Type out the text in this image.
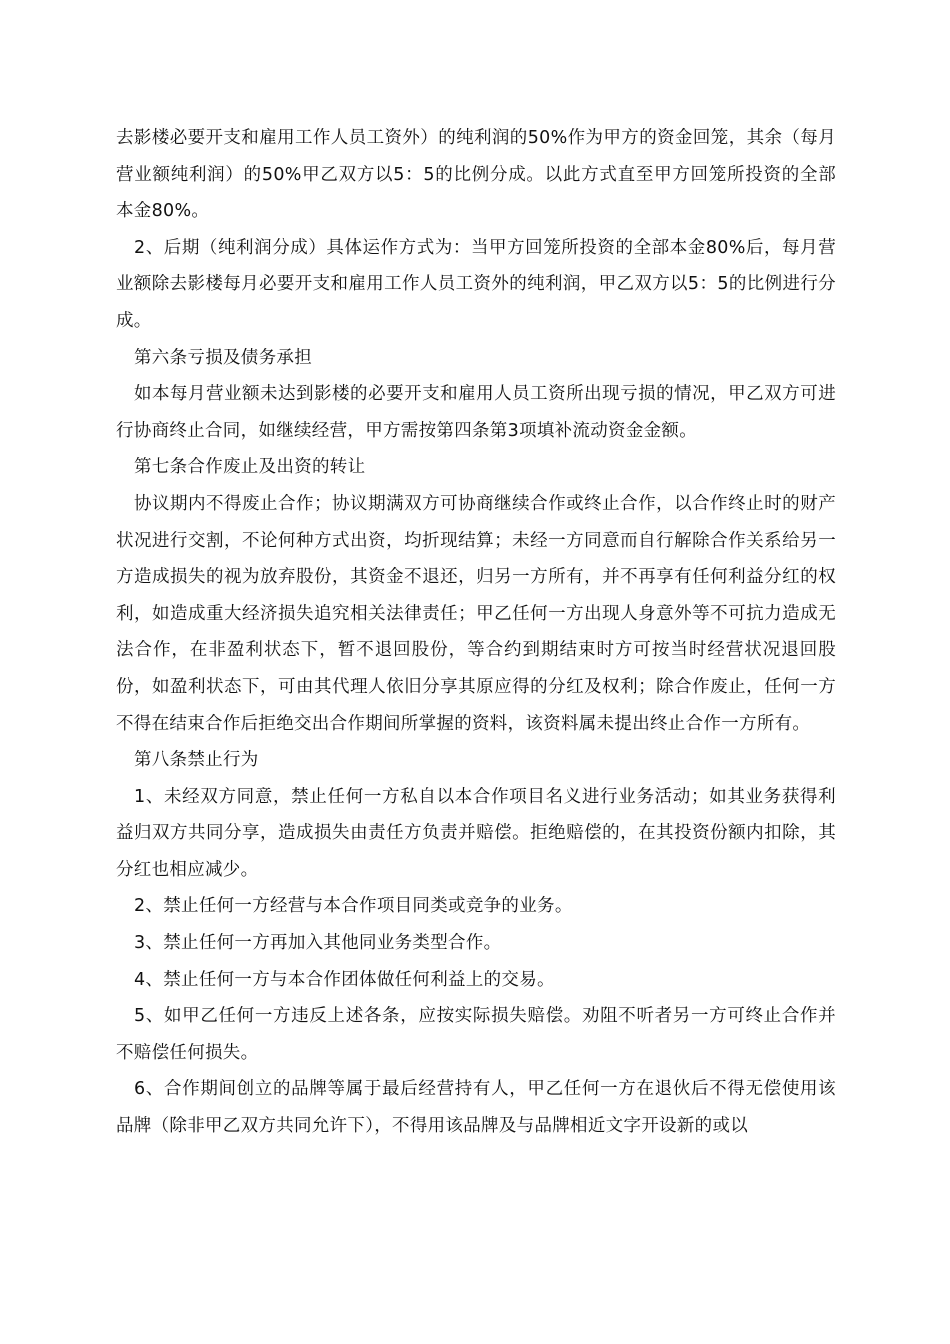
去影楼必要开支和雇用工作人员工资外）的纯利润的50%作为甲方的资金回笼，其余（每月营业额纯利润）的50%甲乙双方以5：5的比例分成。以此方式直至甲方回笼所投资的全部本金80%。

2、后期（纯利润分成）具体运作方式为：当甲方回笼所投资的全部本金80%后，每月营业额除去影楼每月必要开支和雇用工作人员工资外的纯利润，甲乙双方以5：5的比例进行分成。

第六条亏损及债务承担

如本每月营业额未达到影楼的必要开支和雇用人员工资所出现亏损的情况，甲乙双方可进行协商终止合同，如继续经营，甲方需按第四条第3项填补流动资金金额。

第七条合作废止及出资的转让

协议期内不得废止合作；协议期满双方可协商继续合作或终止合作，以合作终止时的财产状况进行交割，不论何种方式出资，均折现结算；未经一方同意而自行解除合作关系给另一方造成损失的视为放弃股份，其资金不退还，归另一方所有，并不再享有任何利益分红的权利，如造成重大经济损失追究相关法律责任；甲乙任何一方出现人身意外等不可抗力造成无法合作，在非盈利状态下，暂不退回股份，等合约到期结束时方可按当时经营状况退回股份，如盈利状态下，可由其代理人依旧分享其原应得的分红及权利；除合作废止，任何一方不得在结束合作后拒绝交出合作期间所掌握的资料，该资料属未提出终止合作一方所有。

第八条禁止行为

1、未经双方同意，禁止任何一方私自以本合作项目名义进行业务活动；如其业务获得利益归双方共同分享，造成损失由责任方负责并赔偿。拒绝赔偿的，在其投资份额内扣除，其分红也相应减少。

2、禁止任何一方经营与本合作项目同类或竞争的业务。

3、禁止任何一方再加入其他同业务类型合作。

4、禁止任何一方与本合作团体做任何利益上的交易。

5、如甲乙任何一方违反上述各条，应按实际损失赔偿。劝阻不听者另一方可终止合作并不赔偿任何损失。

6、合作期间创立的品牌等属于最后经营持有人，甲乙任何一方在退伙后不得无偿使用该品牌（除非甲乙双方共同允许下），不得用该品牌及与品牌相近文字开设新的或以
